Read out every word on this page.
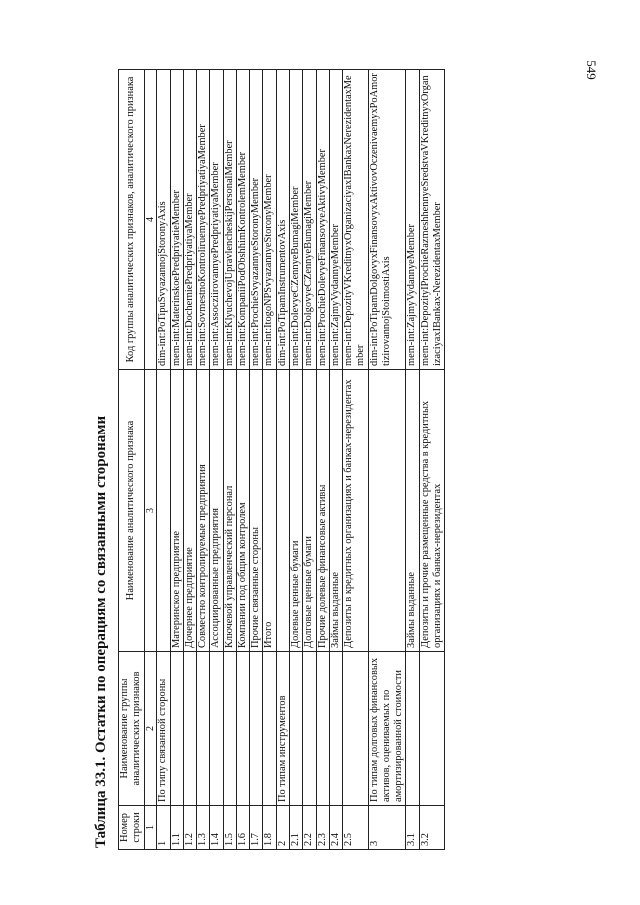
549
Таблица 33.1. Остатки по операциям со связанными сторонами
Номер строки	Наименование группы аналитических признаков	Наименование аналитического признака	Код группы аналитических признаков, аналитического признака
1	2	3	4
1	По типу связанной стороны		dim-int:PoTipuSvyazannojStoronyAxis
1.1		Материнское предприятие	mem-int:MaterinskoePredpriyatieMember
1.2		Дочернее предприятие	mem-int:DocherniePredpriyatiyaMember
1.3		Совместно контролируемые предприятия	mem-int:SovmestnoKontroliruemyePredpriyatiyaMember
1.4		Ассоциированные предприятия	mem-int:AssocziirovannyePredpriyatiyaMember
1.5		Ключевой управленческий персонал	mem-int:KlyuchevojUpravlencheskijPersonalMember
1.6		Компании под общим контролем	mem-int:KompaniiPodObshhimKontrolemMember
1.7		Прочие связанные стороны	mem-int:ProchieSvyazannyeStoronyMember
1.8		Итого	mem-int:ItogoNPSvyazannyeStoronyMember
2	По типам инструментов		dim-int:PoTipamInstrumentovAxis
2.1		Долевые ценные бумаги	mem-int:DolevyeCZennyeBumagiMember
2.2		Долговые ценные бумаги	mem-int:DolgovyeCZennyeBumagiMember
2.3		Прочие долевые финансовые активы	mem-int:ProchieDolevyeFinansovyeAktivyMember
2.4		Займы выданные	mem-int:ZajmyVydannyeMember
2.5		Депозиты в кредитных организациях и банках-нерезидентах	mem-int:DepozityVKreditnyxOrganizaciyaxIBankaxNerezidentaxMember
3	По типам долговых финансовых активов, оцениваемых по амортизированной стоимости		dim-int:PoTipamDolgovyxFinansovyxAktivovOczenivaemyxPoAmortizirovannojStoimostiAxis
3.1		Займы выданные	mem-int:ZajmyVydannyeMember
3.2		Депозиты и прочие размещенные средства в кредитных организациях и банках-нерезидентах	mem-int:DepozityIProchieRazmeshhennyeSredstvaVKreditnyxOrganizaciyaxIBankax-NerezidentaxMember
